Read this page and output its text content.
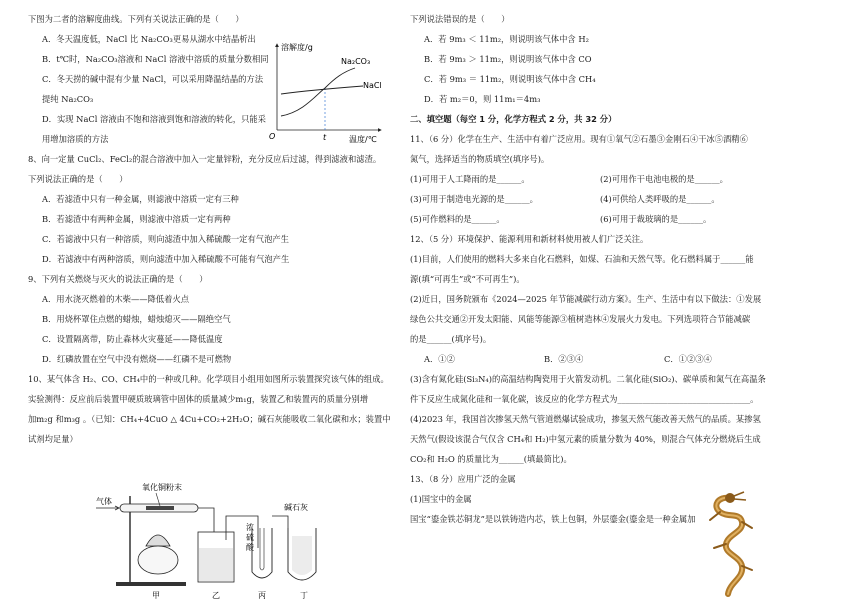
下图为二者的溶解度曲线。下列有关说法正确的是（　　）
A．冬天温度低，NaCl 比 Na₂CO₃更易从湖水中结晶析出
B．t℃时，Na₂CO₃溶液和 NaCl 溶液中溶质的质量分数相同
C．冬天捞的碱中混有少量 NaCl，可以采用降温结晶的方法
提纯 Na₂CO₃
D．实现 NaCl 溶液由不饱和溶液到饱和溶液的转化，只能采
用增加溶质的方法
8、向一定量 CuCl₂、FeCl₂的混合溶液中加入一定量锌粉，充分反应后过滤，得到滤液和滤渣。
下列说法正确的是（　　）
A．若滤渣中只有一种金属，则滤液中溶质一定有三种
B．若滤渣中有两种金属，则滤液中溶质一定有两种
C．若滤液中只有一种溶质，则向滤渣中加入稀硫酸一定有气泡产生
D．若滤液中有两种溶质，则向滤渣中加入稀硫酸不可能有气泡产生
9、下列有关燃烧与灭火的说法正确的是（　　）
A．用水浇灭燃着的木柴——降低着火点
B．用烧杯罩住点燃的蜡烛，蜡烛熄灭——隔绝空气
C．设置隔离带，防止森林火灾蔓延——降低温度
D．红磷放置在空气中没有燃烧——红磷不是可燃物
10、某气体含 H₂、CO、CH₄中的一种或几种。化学项目小组用如图所示装置探究该气体的组成。
实验测得：反应前后装置甲硬质玻璃管中固体的质量减少m₁g，装置乙和装置丙的质量分别增
加m₂g 和m₃g 。（已知：CH₄+4CuO △ 4Cu+CO₂+2H₂O；碱石灰能吸收二氧化碳和水；装置中
试剂均足量）
溶解度/g
温度/℃
O	t
Na₂CO₃
NaCl
气体
氧化铜粉末
浓
硫
酸
碱石灰
甲	乙	丙	丁
下列说法错误的是（　　）
A．若 9m₃ ＜ 11m₂，则说明该气体中含 H₂
B．若 9m₃ ＞ 11m₂，则说明该气体中含 CO
C．若 9m₃ ＝ 11m₂，则说明该气体中含 CH₄
D．若 m₂＝0，则 11m₁＝4m₃
二、填空题（每空 1 分，化学方程式 2 分，共 32 分）
11、（6 分）化学在生产、生活中有着广泛应用。现有①氧气②石墨③金刚石④干冰⑤酒精⑥
氮气，选择适当的物质填空(填序号)。
(1)可用于人工降雨的是______。	(2)可用作干电池电极的是______。
(3)可用于制造电光源的是______。	(4)可供给人类呼吸的是______。
(5)可作燃料的是______。	(6)可用于裁玻璃的是______。
12、（5 分）环境保护、能源利用和新材料使用被人们广泛关注。
(1)目前，人们使用的燃料大多来自化石燃料，如煤、石油和天然气等。化石燃料属于______能
源(填“可再生”或“不可再生”)。
(2)近日，国务院颁布《2024—2025 年节能减碳行动方案》。生产、生活中有以下做法：①发展
绿色公共交通②开发太阳能、风能等能源③植树造林④发展火力发电。下列选项符合节能减碳
的是______(填序号)。
A．①②	B．②③④	C．①②③④
(3)含有氮化硅(Si₃N₄)的高温结构陶瓷用于火箭发动机。二氧化硅(SiO₂)、碳单质和氮气在高温条
件下反应生成氮化硅和一氧化碳，该反应的化学方程式为________________________________。
(4)2023 年，我国首次掺氢天然气管道燃爆试验成功，掺氢天然气能改善天然气的品质。某掺氢
天然气(假设该混合气仅含 CH₄和 H₂)中氢元素的质量分数为 40%，则混合气体充分燃烧后生成
CO₂和 H₂O 的质量比为______(填最简比)。
13、（8 分）应用广泛的金属
(1)国宝中的金属
国宝“鎏金铁芯铜龙”是以铁铸造内芯，铁上包铜，外层鎏金(鎏金是一种金属加
